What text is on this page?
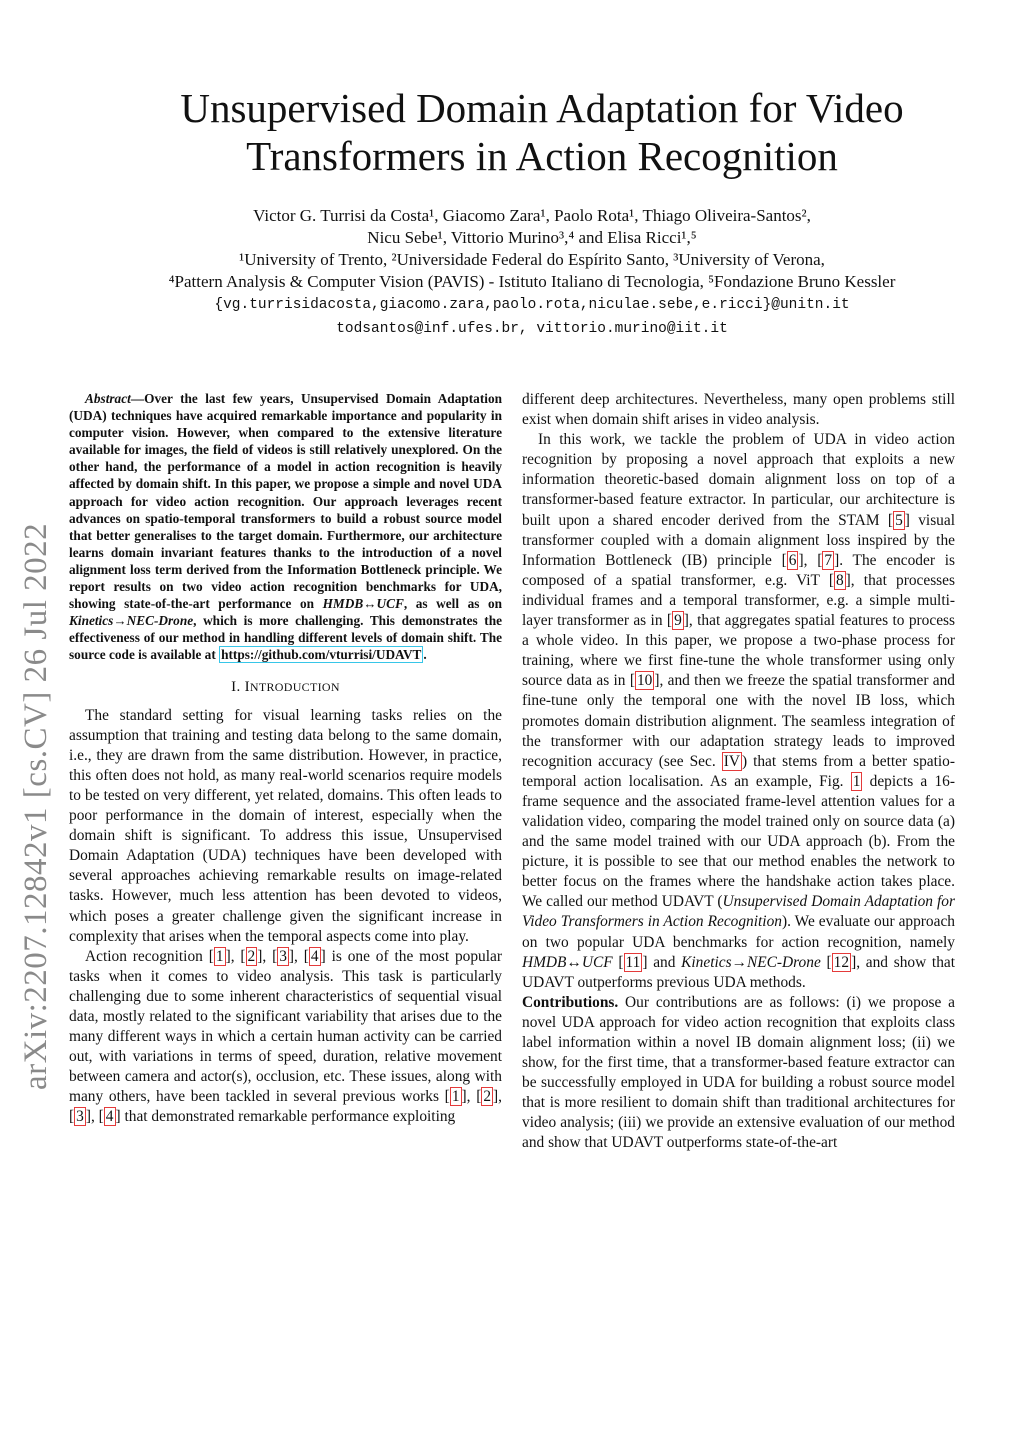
arXiv:2207.12842v1 [cs.CV] 26 Jul 2022
Unsupervised Domain Adaptation for Video
Transformers in Action Recognition
Victor G. Turrisi da Costa¹, Giacomo Zara¹, Paolo Rota¹, Thiago Oliveira-Santos²,
Nicu Sebe¹, Vittorio Murino³,⁴ and Elisa Ricci¹,⁵
¹University of Trento, ²Universidade Federal do Espírito Santo, ³University of Verona,
⁴Pattern Analysis & Computer Vision (PAVIS) - Istituto Italiano di Tecnologia, ⁵Fondazione Bruno Kessler
{vg.turrisidacosta,giacomo.zara,paolo.rota,niculae.sebe,e.ricci}@unitn.it
todsantos@inf.ufes.br, vittorio.murino@iit.it

Abstract—Over the last few years, Unsupervised Domain Adaptation (UDA) techniques have acquired remarkable importance and popularity in computer vision. However, when compared to the extensive literature available for images, the field of videos is still relatively unexplored. On the other hand, the performance of a model in action recognition is heavily affected by domain shift. In this paper, we propose a simple and novel UDA approach for video action recognition. Our approach leverages recent advances on spatio-temporal transformers to build a robust source model that better generalises to the target domain. Furthermore, our architecture learns domain invariant features thanks to the introduction of a novel alignment loss term derived from the Information Bottleneck principle. We report results on two video action recognition benchmarks for UDA, showing state-of-the-art performance on HMDB↔UCF, as well as on Kinetics→NEC-Drone, which is more challenging. This demonstrates the effectiveness of our method in handling different levels of domain shift. The source code is available at https://github.com/vturrisi/UDAVT .

I. INTRODUCTION

The standard setting for visual learning tasks relies on the assumption that training and testing data belong to the same domain, i.e., they are drawn from the same distribution. However, in practice, this often does not hold, as many real-world scenarios require models to be tested on very different, yet related, domains. This often leads to poor performance in the domain of interest, especially when the domain shift is significant. To address this issue, Unsupervised Domain Adaptation (UDA) techniques have been developed with several approaches achieving remarkable results on image-related tasks. However, much less attention has been devoted to videos, which poses a greater challenge given the significant increase in complexity that arises when the temporal aspects come into play.

Action recognition [ 1 ], [ 2 ], [ 3 ], [ 4 ] is one of the most popular tasks when it comes to video analysis. This task is particularly challenging due to some inherent characteristics of sequential visual data, mostly related to the significant variability that arises due to the many different ways in which a certain human activity can be carried out, with variations in terms of speed, duration, relative movement between camera and actor(s), occlusion, etc. These issues, along with many others, have been tackled in several previous works [ 1 ], [ 2 ], [ 3 ], [ 4 ] that demonstrated remarkable performance exploiting

different deep architectures. Nevertheless, many open problems still exist when domain shift arises in video analysis.

In this work, we tackle the problem of UDA in video action recognition by proposing a novel approach that exploits a new information theoretic-based domain alignment loss on top of a transformer-based feature extractor. In particular, our architecture is built upon a shared encoder derived from the STAM [ 5 ] visual transformer coupled with a domain alignment loss inspired by the Information Bottleneck (IB) principle [ 6 ], [ 7 ]. The encoder is composed of a spatial transformer, e.g. ViT [ 8 ], that processes individual frames and a temporal transformer, e.g. a simple multi-layer transformer as in [ 9 ], that aggregates spatial features to process a whole video. In this paper, we propose a two-phase process for training, where we first fine-tune the whole transformer using only source data as in [ 10 ], and then we freeze the spatial transformer and fine-tune only the temporal one with the novel IB loss, which promotes domain distribution alignment. The seamless integration of the transformer with our adaptation strategy leads to improved recognition accuracy (see Sec. IV ) that stems from a better spatio-temporal action localisation. As an example, Fig. 1 depicts a 16-frame sequence and the associated frame-level attention values for a validation video, comparing the model trained only on source data (a) and the same model trained with our UDA approach (b). From the picture, it is possible to see that our method enables the network to better focus on the frames where the handshake action takes place. We called our method UDAVT (Unsupervised Domain Adaptation for Video Transformers in Action Recognition). We evaluate our approach on two popular UDA benchmarks for action recognition, namely HMDB↔UCF [ 11 ] and Kinetics→NEC-Drone [ 12 ], and show that UDAVT outperforms previous UDA methods.

Contributions. Our contributions are as follows: (i) we propose a novel UDA approach for video action recognition that exploits class label information within a novel IB domain alignment loss; (ii) we show, for the first time, that a transformer-based feature extractor can be successfully employed in UDA for building a robust source model that is more resilient to domain shift than traditional architectures for video analysis; (iii) we provide an extensive evaluation of our method and show that UDAVT outperforms state-of-the-art
